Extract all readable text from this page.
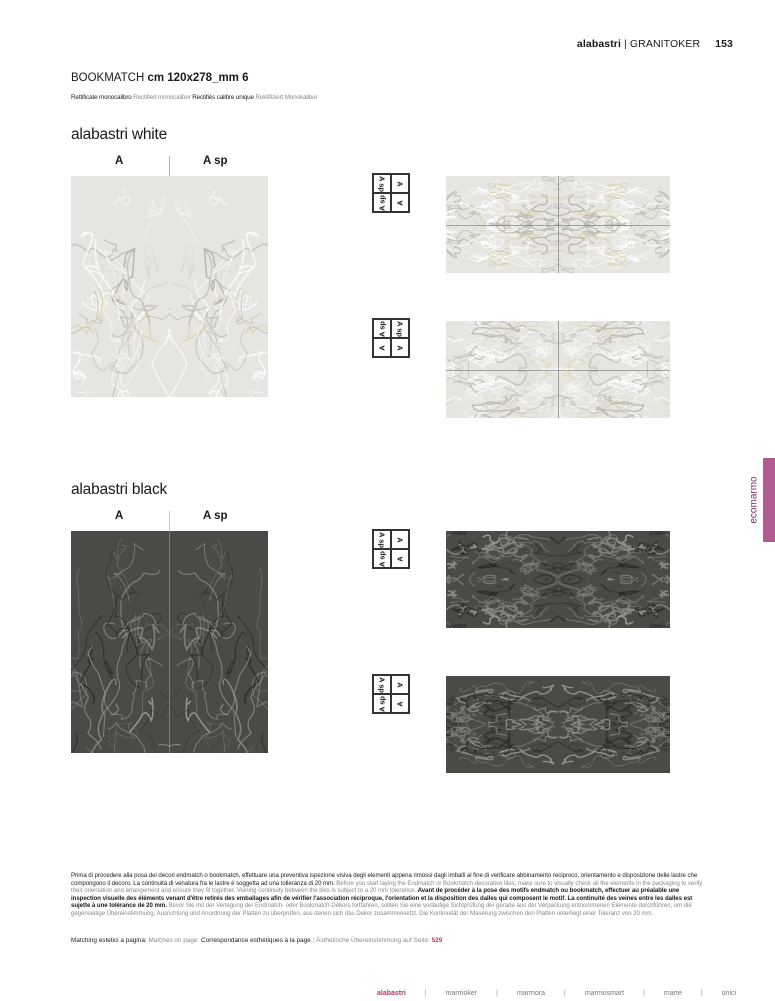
alabastri | GRANITOKER 153
BOOKMATCH cm 120x278_mm 6
Rettificate monocalibro Rectified monocaliber Rectifiés calibre unique Rektifiziert Monokaliber
alabastri white
A	A sp
A sp A
A sp A
A sp A sp
A A
alabastri black
A	A sp
A sp A
A sp A
A sp A
A sp A
ecomarmo
Prima di procedere alla posa dei decori endmatch o bookmatch, effettuare una preventiva ispezione visiva degli elementi appena rimossi dagli imballi al fine di verificare abbinamento reciproco, orientamento e disposizione delle lastre che compongono il decoro. La continuità di venatura fra le lastre è soggetta ad una tolleranza di 20 mm. Before you start laying the Endmatch or Bookmatch decorative tiles, make sure to visually check all the elements in the packaging to verify their orientation and arrangement and ensure they fit together. Veining continuity between the tiles is subject to a 20 mm tolerance. Avant de procéder à la pose des motifs endmatch ou bookmatch, effectuer au préalable une inspection visuelle des éléments venant d'être retirés des emballages afin de vérifier l'association réciproque, l'orientation et la disposition des dalles qui composent le motif. La continuité des veines entre les dalles est sujette à une tolérance de 20 mm. Bevor Sie mit der Verlegung der Endmatch- oder Bookmatch-Dekors fortfahren, sollten Sie eine vorläufige Sichtprüfung der gerade aus der Verpackung entnommenen Elemente durchführen, um die gegenseitige Übereinstimmung, Ausrichtung und Anordnung der Platten zu überprüfen, aus denen sich das Dekor zusammensetzt. Die Kontinuität der Maserung zwischen den Platten unterliegt einer Toleranz von 20 mm.
Matching estetici a pagina: Matches on page: Correspondance esthétiques à la page : Ästhetische Übereinstimmung auf Seite: 529
alabastri	|	marmoker	|	marmora	|	marmosmart	|	marte	|	onici
